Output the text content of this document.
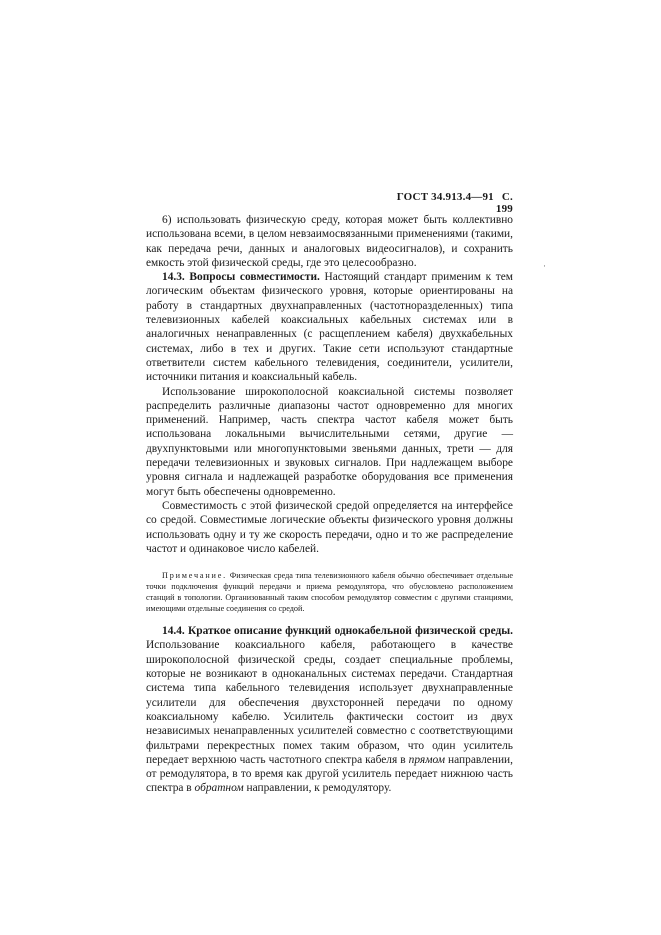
ГОСТ 34.913.4—91 С. 199
·

6) использовать физическую среду, которая может быть коллективно использована всеми, в целом невзаимосвязанными применениями (такими, как передача речи, данных и аналоговых видеосигналов), и сохранить емкость этой физической среды, где это целесообразно.

14.3. Вопросы совместимости. Настоящий стандарт применим к тем логическим объектам физического уровня, которые ориентированы на работу в стандартных двухнаправленных (частотноразделенных) типа телевизионных кабелей коаксиальных кабельных системах или в аналогичных ненаправленных (с расщеплением кабеля) двухкабельных системах, либо в тех и других. Такие сети используют стандартные ответвители систем кабельного телевидения, соединители, усилители, источники питания и коаксиальный кабель.

Использование широкополосной коаксиальной системы позволяет распределить различные диапазоны частот одновременно для многих применений. Например, часть спектра частот кабеля может быть использована локальными вычислительными сетями, другие — двухпунктовыми или многопунктовыми звеньями данных, трети — для передачи телевизионных и звуковых сигналов. При надлежащем выборе уровня сигнала и надлежащей разработке оборудования все применения могут быть обеспечены одновременно.

Совместимость с этой физической средой определяется на интерфейсе со средой. Совместимые логические объекты физического уровня должны использовать одну и ту же скорость передачи, одно и то же распределение частот и одинаковое число кабелей.

Примечание. Физическая среда типа телевизионного кабеля обычно обеспечивает отдельные точки подключения функций передачи и приема ремодулятора, что обусловлено расположением станций в топологии. Организованный таким способом ремодулятор совместим с другими станциями, имеющими отдельные соединения со средой.

14.4. Краткое описание функций однокабельной физической среды. Использование коаксиального кабеля, работающего в качестве широкополосной физической среды, создает специальные проблемы, которые не возникают в одноканальных системах передачи. Стандартная система типа кабельного телевидения использует двухнаправленные усилители для обеспечения двухсторонней передачи по одному коаксиальному кабелю. Усилитель фактически состоит из двух независимых ненаправленных усилителей совместно с соответствующими фильтрами перекрестных помех таким образом, что один усилитель передает верхнюю часть частотного спектра кабеля в прямом направлении, от ремодулятора, в то время как другой усилитель передает нижнюю часть спектра в обратном направлении, к ремодулятору.
